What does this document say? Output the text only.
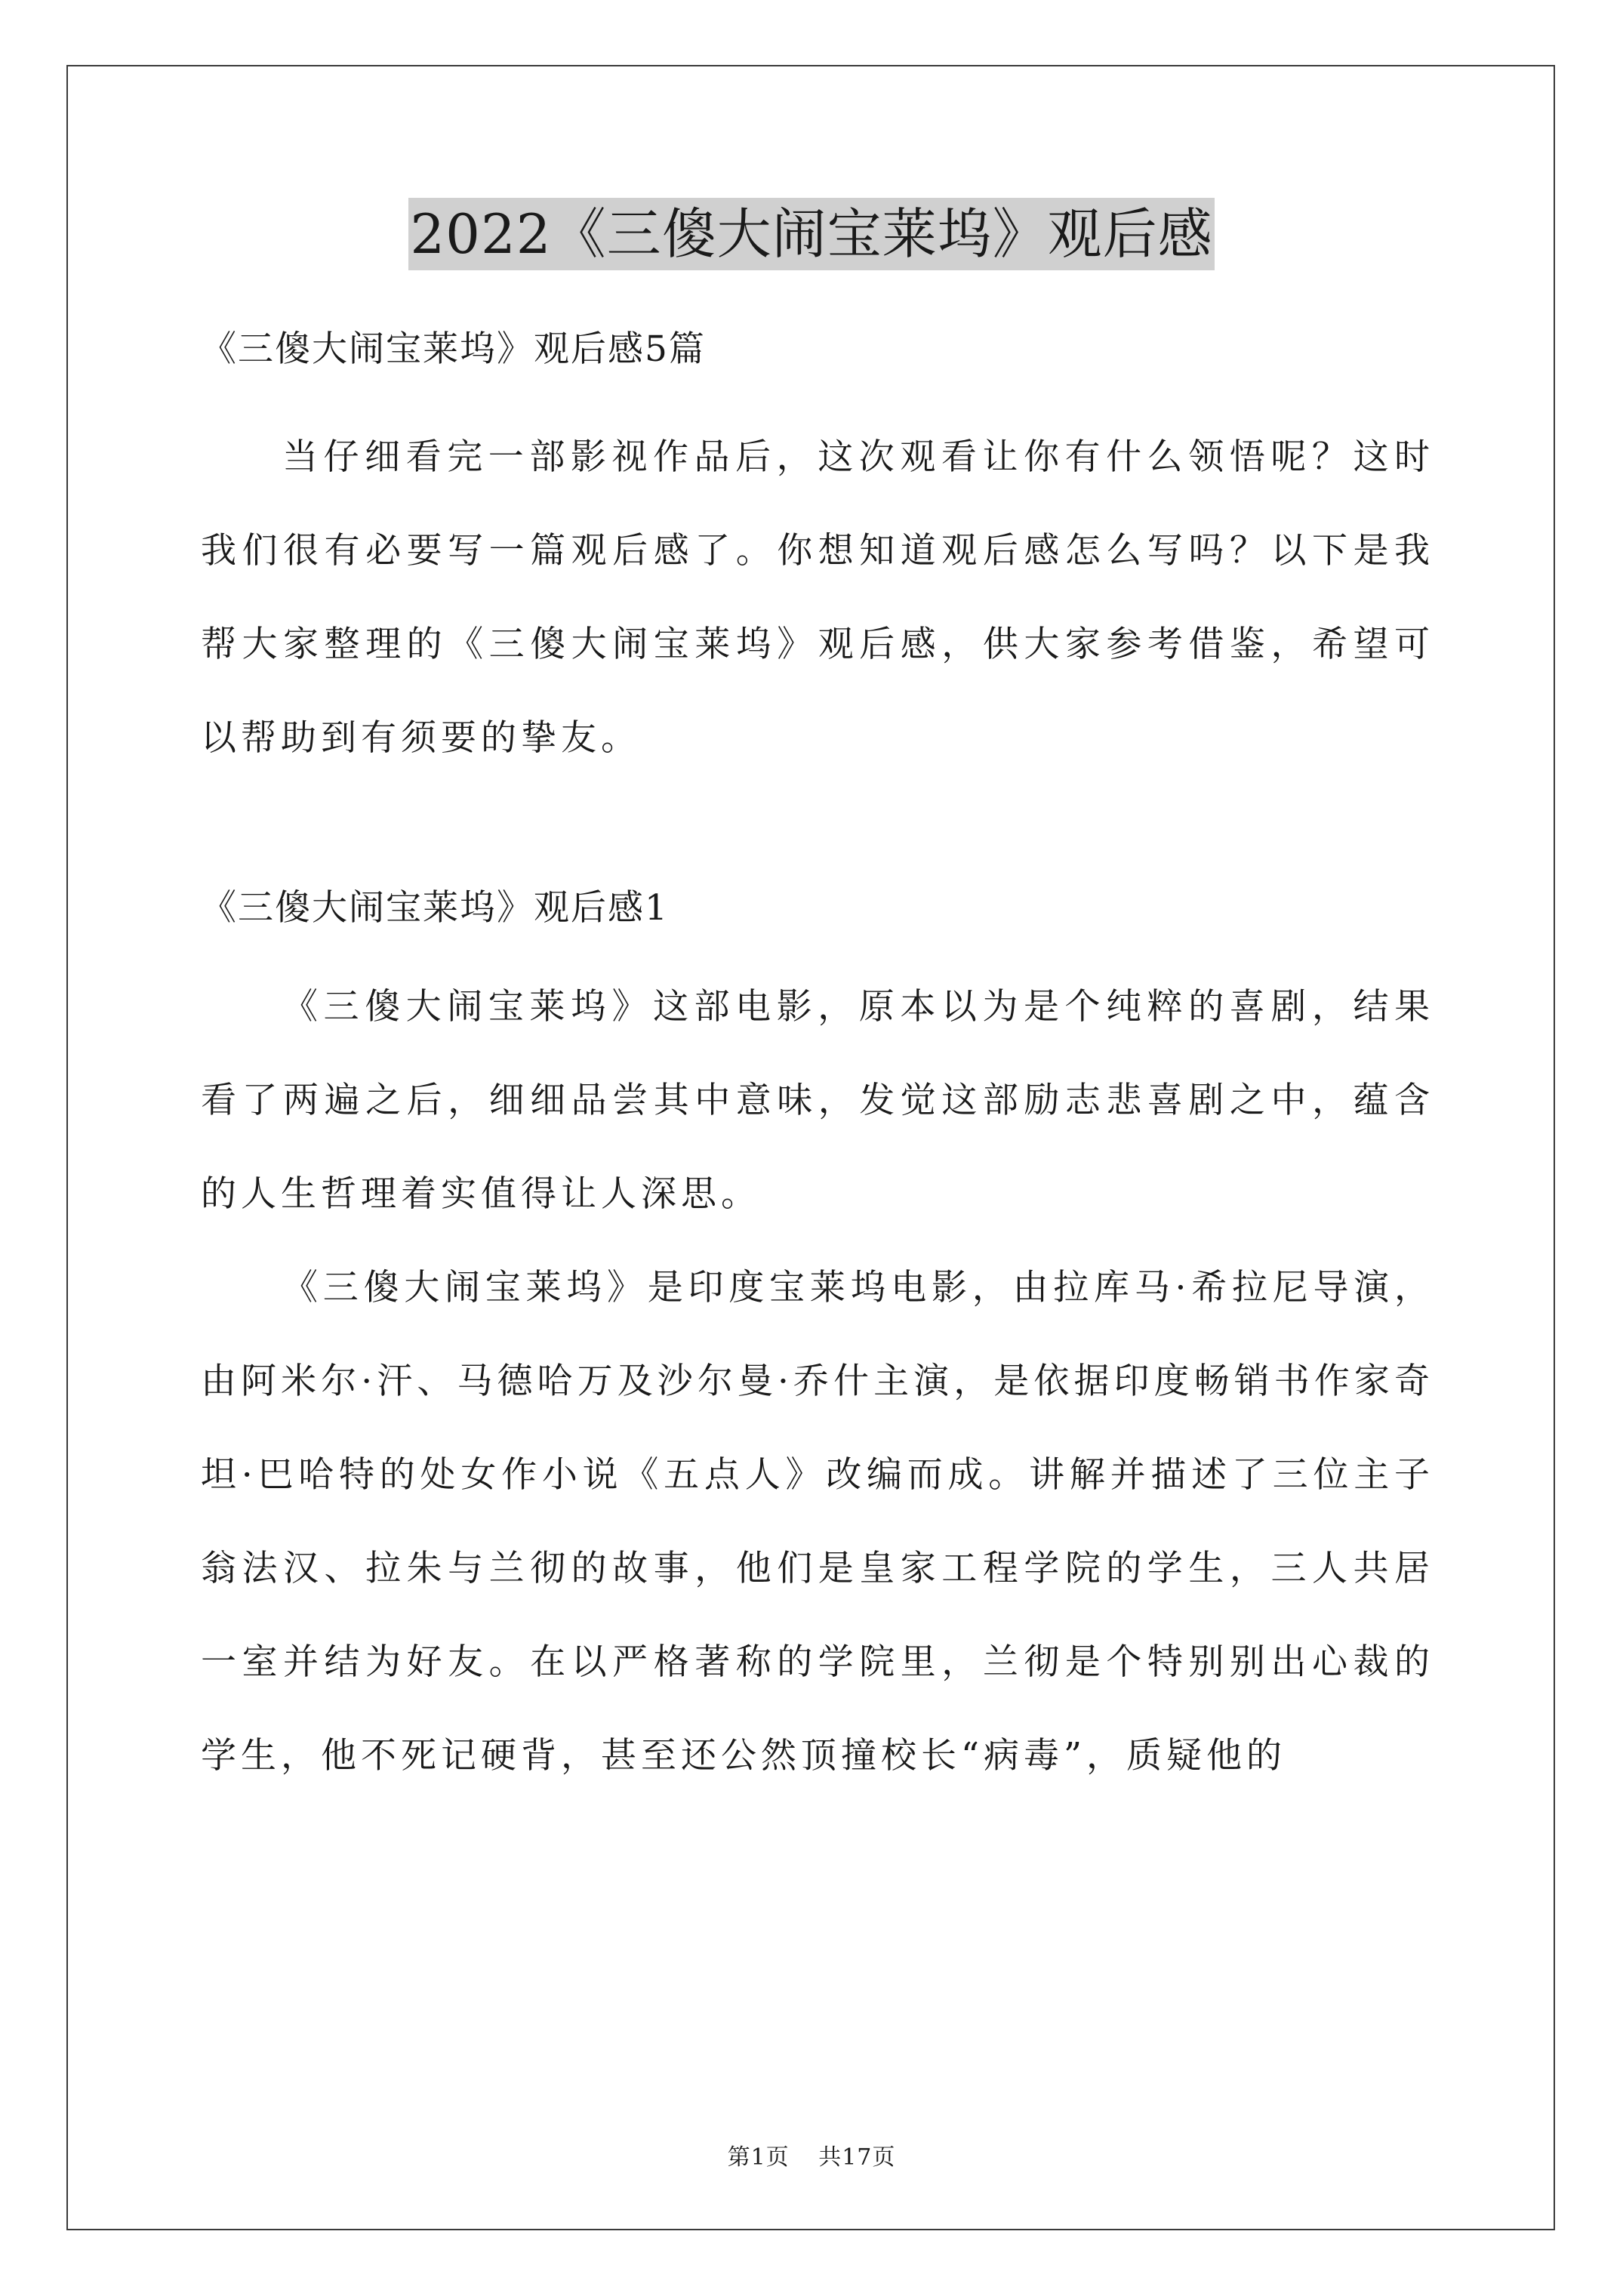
2022《三傻大闹宝莱坞》观后感

《三傻大闹宝莱坞》观后感5篇

当仔细看完一部影视作品后，这次观看让你有什么领悟呢？这时我们很有必要写一篇观后感了。你想知道观后感怎么写吗？以下是我帮大家整理的《三傻大闹宝莱坞》观后感，供大家参考借鉴，希望可以帮助到有须要的挚友。

《三傻大闹宝莱坞》观后感1

《三傻大闹宝莱坞》这部电影，原本以为是个纯粹的喜剧，结果看了两遍之后，细细品尝其中意味，发觉这部励志悲喜剧之中，蕴含的人生哲理着实值得让人深思。

《三傻大闹宝莱坞》是印度宝莱坞电影，由拉库马·希拉尼导演，由阿米尔·汗、马德哈万及沙尔曼·乔什主演，是依据印度畅销书作家奇坦·巴哈特的处女作小说《五点人》改编而成。讲解并描述了三位主子翁法汉、拉朱与兰彻的故事，他们是皇家工程学院的学生，三人共居一室并结为好友。在以严格著称的学院里，兰彻是个特别别出心裁的学生，他不死记硬背，甚至还公然顶撞校长“病毒”，质疑他的

第1页 共17页
